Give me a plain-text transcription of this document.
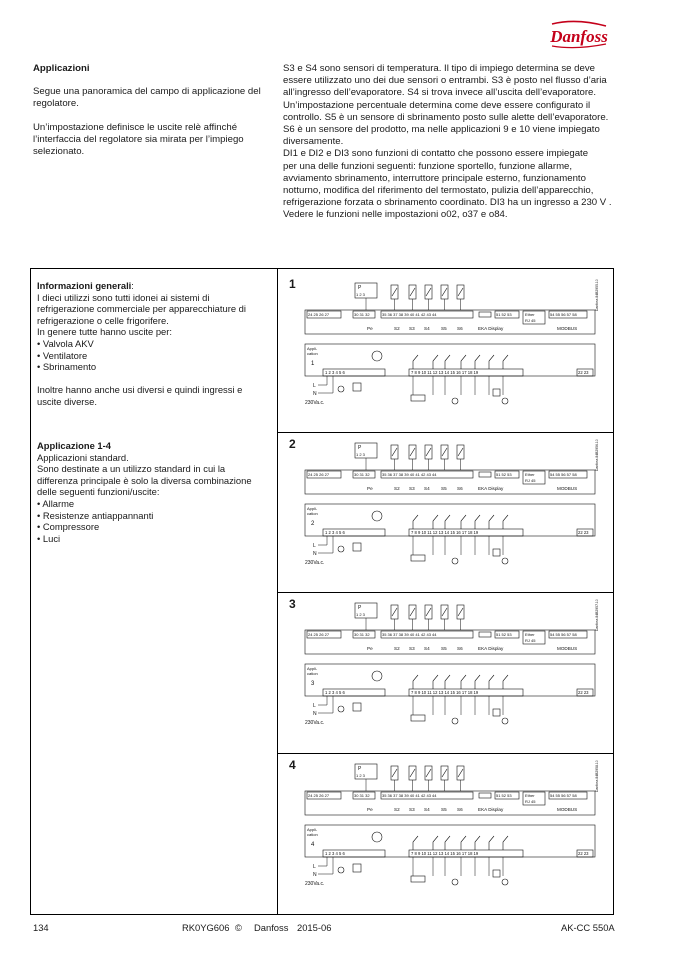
Danfoss

Applicazioni

Segue una panoramica del campo di applicazione del regolatore.

Un’impostazione definisce le uscite relè affinché l’interfaccia del regolatore sia mirata per l’impiego selezionato.

S3 e S4 sono sensori di temperatura. Il tipo di impiego determina se deve

essere utilizzato uno dei due sensori o entrambi. S3 è posto nel flusso d’aria

all’ingresso dell’evaporatore. S4 si trova invece all’uscita dell’evaporatore.

Un’impostazione percentuale determina come deve essere configurato il

controllo. S5 è un sensore di sbrinamento posto sulle alette dell’evaporatore.

S6 è un sensore del prodotto, ma nelle applicazioni 9 e 10 viene impiegato

diversamente.

DI1 e DI2 e DI3 sono funzioni di contatto che possono essere impiegate

per una delle funzioni seguenti: funzione sportello, funzione allarme,

avviamento sbrinamento, interruttore principale esterno, funzionamento

notturno, modifica del riferimento del termostato, pulizia dell’apparecchio,

refrigerazione forzata o sbrinamento coordinato. DI3 ha un ingresso a 230 V .

Vedere le funzioni nelle impostazioni o02, o37 e o84.

Informazioni generali:

I dieci utilizzi sono tutti idonei ai sistemi di

refrigerazione commerciale per apparecchiature di

refrigerazione o celle frigorifere.

In genere tutte hanno uscite per:

• Valvola AKV
• Ventilatore
• Sbrinamento

Inoltre hanno anche usi diversi e quindi ingressi e

uscite diverse.

Applicazione 1-4

Applicazioni standard.

Sono destinate a un utilizzo standard in cui la

differenza principale è solo la diversa combinazione

delle seguenti funzioni/uscite:

• Allarme
• Resistenze antiappannanti
• Compressore
• Luci
1	P
1 2 3	Danfoss 84B2955.10
24 25 26 27	30 31 32	35 36 37 38 39 40 41 42 43 44	51 52 53	Ether
RJ 45
54 55 56 57 58
Pe	S2 S3 S4 S5 S6	EKA Display	MODBUS
Appli-
cation
1
1 2 3 4 5 6	7 8 9 10 11 12 13 14 15 16 17 18 19	22 23
L
N
230Va.c.
2	P
1 2 3	Danfoss 84B2956.10
24 25 26 27	30 31 32	35 36 37 38 39 40 41 42 43 44	51 52 53	Ether
RJ 45
54 55 56 57 58
Pe	S2 S3 S4 S5 S6	EKA Display	MODBUS
Appli-
cation
2
1 2 3 4 5 6	7 8 9 10 11 12 13 14 15 16 17 18 19	22 23
L
N
230Va.c.
3	P
1 2 3	Danfoss 84B2957.10
24 25 26 27	30 31 32	35 36 37 38 39 40 41 42 43 44	51 52 53	Ether
RJ 45
54 55 56 57 58
Pe	S2 S3 S4 S5 S6	EKA Display	MODBUS
Appli-
cation
3
1 2 3 4 5 6	7 8 9 10 11 12 13 14 15 16 17 18 19	22 23
L
N
230Va.c.
4	P
1 2 3	Danfoss 84B2958.10
24 25 26 27	30 31 32	35 36 37 38 39 40 41 42 43 44	51 52 53	Ether
RJ 45
54 55 56 57 58
Pe	S2 S3 S4 S5 S6	EKA Display	MODBUS
Appli-
cation
4
1 2 3 4 5 6	7 8 9 10 11 12 13 14 15 16 17 18 19	22 23
L
N
230Va.c.
134	RK0YG606 © Danfoss 2015-06	AK-CC 550A
